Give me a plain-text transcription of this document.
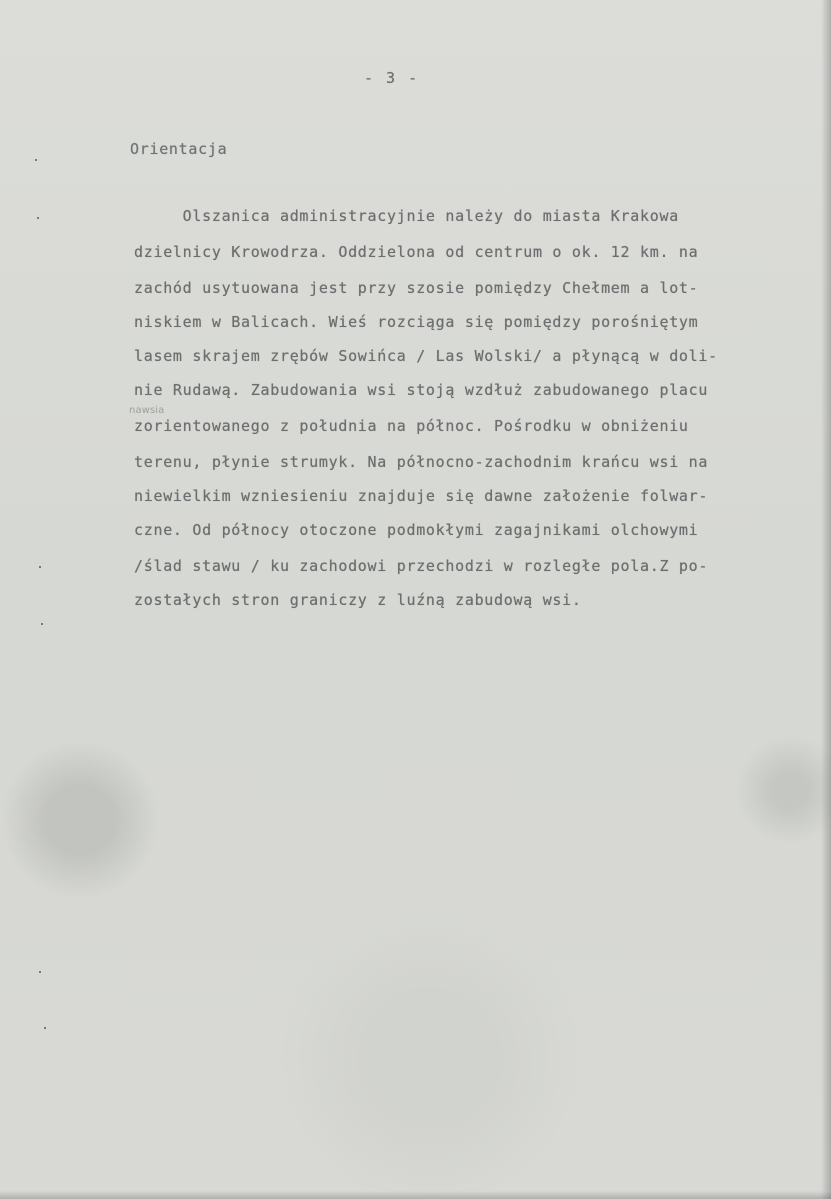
- 3 -
Orientacja
Olszanica administracyjnie należy do miasta Krakowa
dzielnicy Krowodrza. Oddzielona od centrum o ok. 12 km. na
zachód usytuowana jest przy szosie pomiędzy Chełmem a lot-
niskiem w Balicach. Wieś rozciąga się pomiędzy porośniętym
lasem skrajem zrębów Sowińca / Las Wolski/ a płynącą w doli-
nie Rudawą. Zabudowania wsi stoją wzdłuż zabudowanego placu
nawsia
zorientowanego z południa na północ. Pośrodku w obniżeniu
terenu, płynie strumyk. Na północno-zachodnim krańcu wsi na
niewielkim wzniesieniu znajduje się dawne założenie folwar-
czne. Od północy otoczone podmokłymi zagajnikami olchowymi
/ślad stawu / ku zachodowi przechodzi w rozległe pola.Z po-
zostałych stron graniczy z luźną zabudową wsi.
